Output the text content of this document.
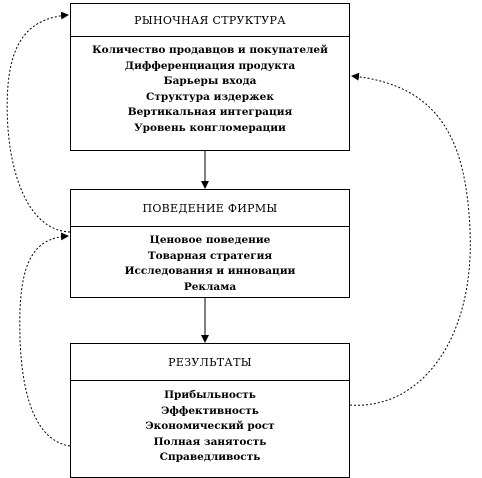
РЫНОЧНАЯ СТРУКТУРА
Количество продавцов и покупателей
Дифференциация продукта
Барьеры входа
Структура издержек
Вертикальная интеграция
Уровень конгломерации
ПОВЕДЕНИЕ ФИРМЫ
Ценовое поведение
Товарная стратегия
Исследования и инновации
Реклама
РЕЗУЛЬТАТЫ
Прибыльность
Эффективность
Экономический рост
Полная занятость
Справедливость
